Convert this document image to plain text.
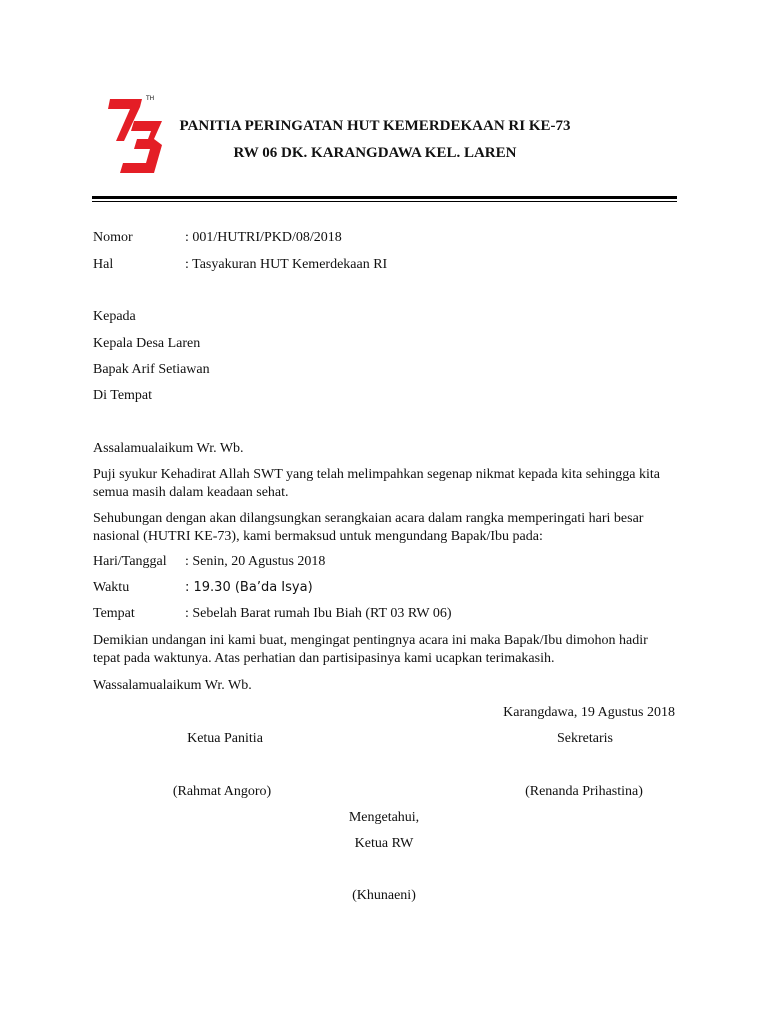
TH
PANITIA PERINGATAN HUT KEMERDEKAAN RI KE-73
RW 06 DK. KARANGDAWA KEL. LAREN
Nomor	: 001/HUTRI/PKD/08/2018
Hal	: Tasyakuran HUT Kemerdekaan RI
Kepada
Kepala Desa Laren
Bapak Arif Setiawan
Di Tempat
Assalamualaikum Wr. Wb.
Puji syukur Kehadirat Allah SWT yang telah melimpahkan segenap nikmat kepada kita sehingga kita
semua masih dalam keadaan sehat.
Sehubungan dengan akan dilangsungkan serangkaian acara dalam rangka memperingati hari besar
nasional (HUTRI KE-73), kami bermaksud untuk mengundang Bapak/Ibu pada:
Hari/Tanggal : Senin, 20 Agustus 2018
Waktu	: 19.30 (Ba’da Isya)
Tempat	: Sebelah Barat rumah Ibu Biah (RT 03 RW 06)
Demikian undangan ini kami buat, mengingat pentingnya acara ini maka Bapak/Ibu dimohon hadir
tepat pada waktunya. Atas perhatian dan partisipasinya kami ucapkan terimakasih.
Wassalamualaikum Wr. Wb.
Karangdawa, 19 Agustus 2018
Ketua Panitia	Sekretaris
(Rahmat Angoro)	(Renanda Prihastina)
Mengetahui,
Ketua RW
(Khunaeni)
